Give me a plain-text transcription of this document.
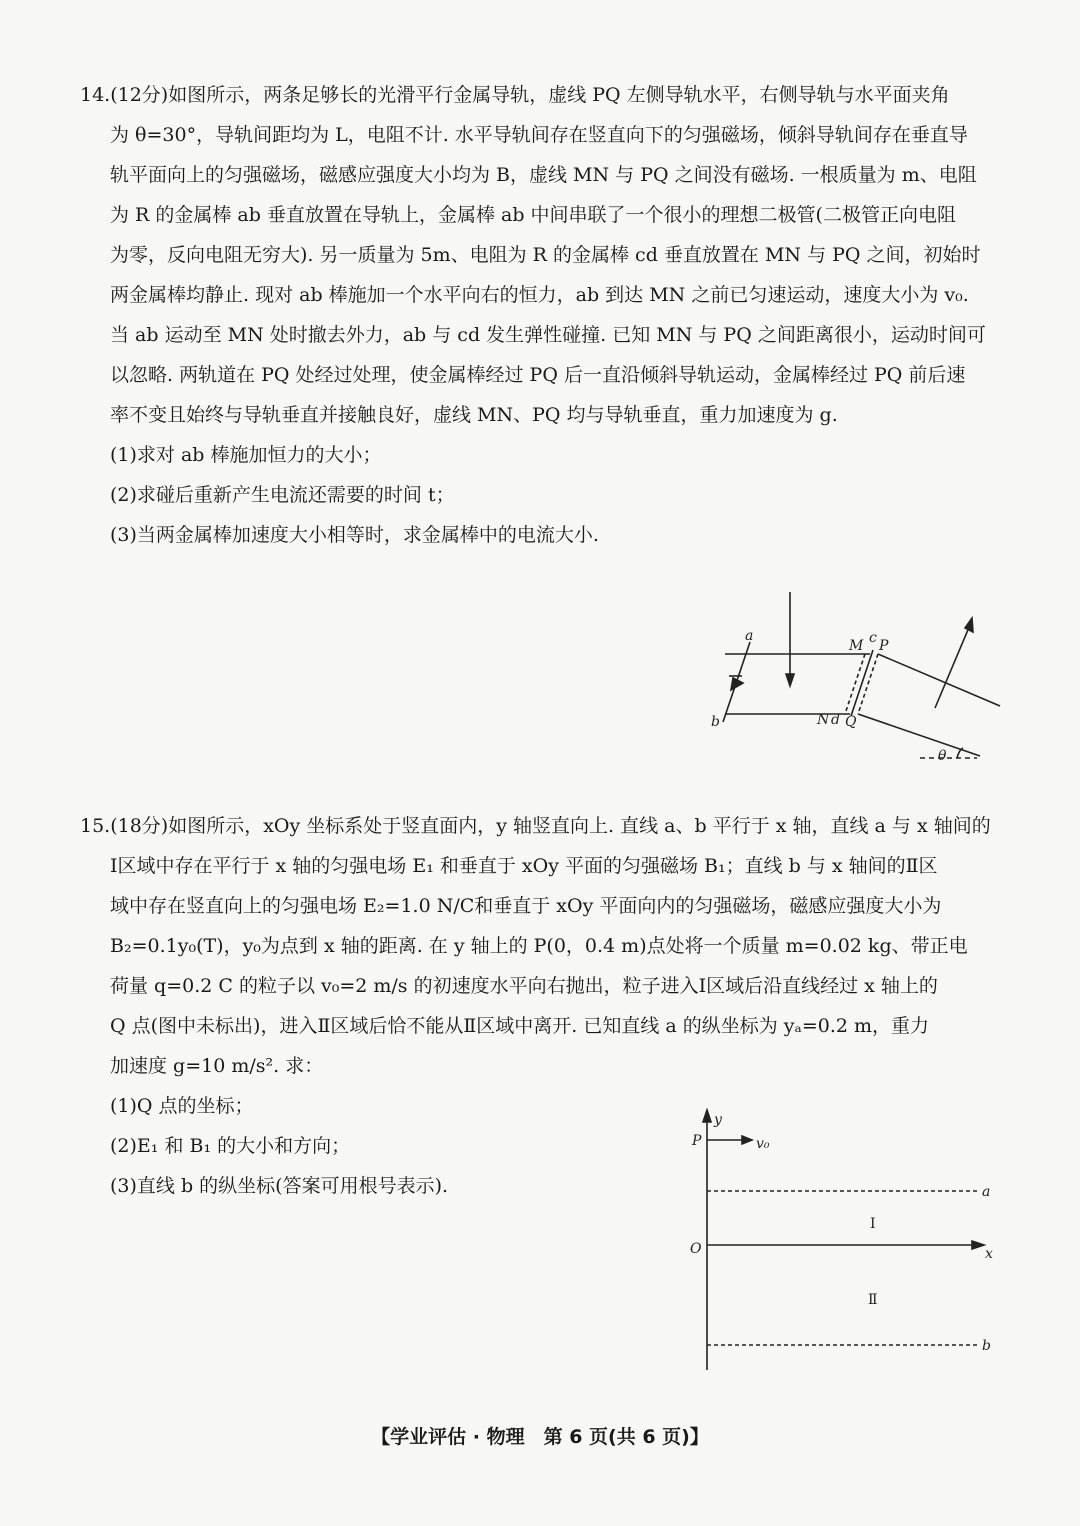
14.(12分)如图所示，两条足够长的光滑平行金属导轨，虚线 PQ 左侧导轨水平，右侧导轨与水平面夹角

为 θ=30°，导轨间距均为 L，电阻不计. 水平导轨间存在竖直向下的匀强磁场，倾斜导轨间存在垂直导

轨平面向上的匀强磁场，磁感应强度大小均为 B，虚线 MN 与 PQ 之间没有磁场. 一根质量为 m、电阻

为 R 的金属棒 ab 垂直放置在导轨上，金属棒 ab 中间串联了一个很小的理想二极管(二极管正向电阻

为零，反向电阻无穷大). 另一质量为 5m、电阻为 R 的金属棒 cd 垂直放置在 MN 与 PQ 之间，初始时

两金属棒均静止. 现对 ab 棒施加一个水平向右的恒力，ab 到达 MN 之前已匀速运动，速度大小为 v₀.

当 ab 运动至 MN 处时撤去外力，ab 与 cd 发生弹性碰撞. 已知 MN 与 PQ 之间距离很小，运动时间可

以忽略. 两轨道在 PQ 处经过处理，使金属棒经过 PQ 后一直沿倾斜导轨运动，金属棒经过 PQ 前后速

率不变且始终与导轨垂直并接触良好，虚线 MN、PQ 均与导轨垂直，重力加速度为 g.

(1)求对 ab 棒施加恒力的大小；

(2)求碰后重新产生电流还需要的时间 t；

(3)当两金属棒加速度大小相等时，求金属棒中的电流大小.

a
b
M c P
N d Q
θ

15.(18分)如图所示，xOy 坐标系处于竖直面内，y 轴竖直向上. 直线 a、b 平行于 x 轴，直线 a 与 x 轴间的

Ⅰ区域中存在平行于 x 轴的匀强电场 E₁ 和垂直于 xOy 平面的匀强磁场 B₁；直线 b 与 x 轴间的Ⅱ区

域中存在竖直向上的匀强电场 E₂=1.0 N/C和垂直于 xOy 平面向内的匀强磁场，磁感应强度大小为

B₂=0.1y₀(T)，y₀为点到 x 轴的距离. 在 y 轴上的 P(0，0.4 m)点处将一个质量 m=0.02 kg、带正电

荷量 q=0.2 C 的粒子以 v₀=2 m/s 的初速度水平向右抛出，粒子进入Ⅰ区域后沿直线经过 x 轴上的

Q 点(图中未标出)，进入Ⅱ区域后恰不能从Ⅱ区域中离开. 已知直线 a 的纵坐标为 yₐ=0.2 m，重力

加速度 g=10 m/s². 求：

(1)Q 点的坐标；

(2)E₁ 和 B₁ 的大小和方向；

(3)直线 b 的纵坐标(答案可用根号表示).

y
P	v₀
a
O	x
Ⅰ
Ⅱ
b
【学业评估 · 物理　第 6 页(共 6 页)】
